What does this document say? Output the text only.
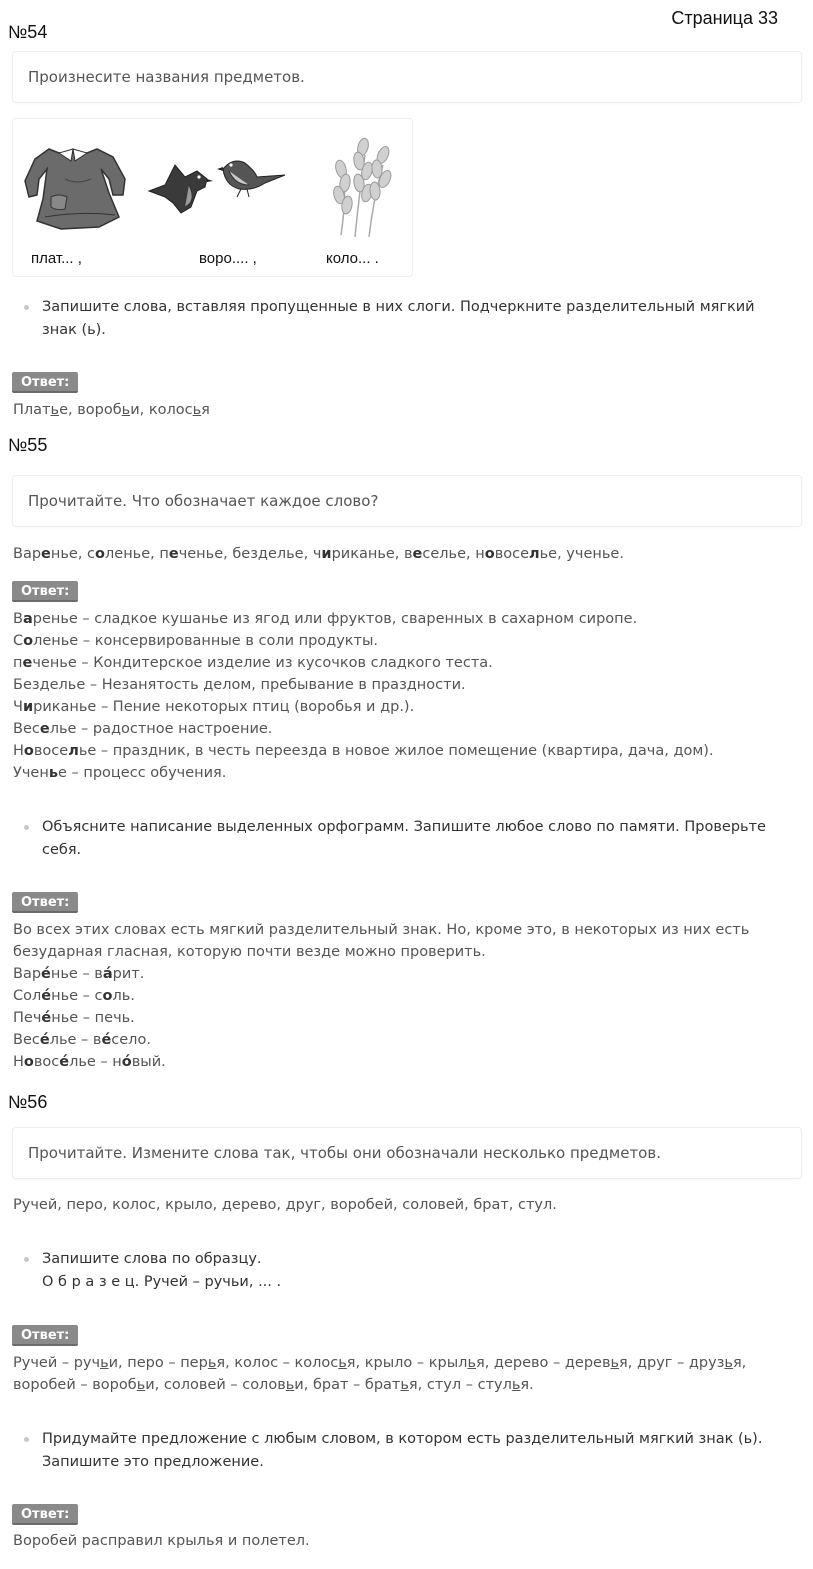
Страница 33
№54
Произнесите названия предметов.
плат... ,	воро.... ,	коло... .
Запишите слова, вставляя пропущенные в них слоги. Подчеркните разделительный мягкий знак (ь).
Ответ:
Платье, воробьи, колосья
№55
Прочитайте. Что обозначает каждое слово?
Варенье, соленье, печенье, безделье, чириканье, веселье, новоселье, ученье.
Ответ:
Варенье – сладкое кушанье из ягод или фруктов, сваренных в сахарном сиропе.
Соленье – консервированные в соли продукты.
печенье – Кондитерское изделие из кусочков сладкого теста.
Безделье – Незанятость делом, пребывание в праздности.
Чириканье – Пение некоторых птиц (воробья и др.).
Веселье – радостное настроение.
Новоселье – праздник, в честь переезда в новое жилое помещение (квартира, дача, дом).
Ученье – процесс обучения.
Объясните написание выделенных орфограмм. Запишите любое слово по памяти. Проверьте себя.
Ответ:
Во всех этих словах есть мягкий разделительный знак. Но, кроме это, в некоторых из них есть
безударная гласная, которую почти везде можно проверить.
Варе́нье – ва́рит.
Соле́нье – соль.
Пече́нье – печь.
Весе́лье – ве́село.
Новосе́лье – но́вый.
№56
Прочитайте. Измените слова так, чтобы они обозначали несколько предметов.
Ручей, перо, колос, крыло, дерево, друг, воробей, соловей, брат, стул.
Запишите слова по образцу.
О б р а з е ц. Ручей – ручьи, ... .
Ответ:
Ручей – ручьи, перо – перья, колос – колосья, крыло – крылья, дерево – деревья, друг – друзья,
воробей – воробьи, соловей – соловьи, брат – братья, стул – стулья.
Придумайте предложение с любым словом, в котором есть разделительный мягкий знак (ь).
Запишите это предложение.
Ответ:
Воробей расправил крылья и полетел.
